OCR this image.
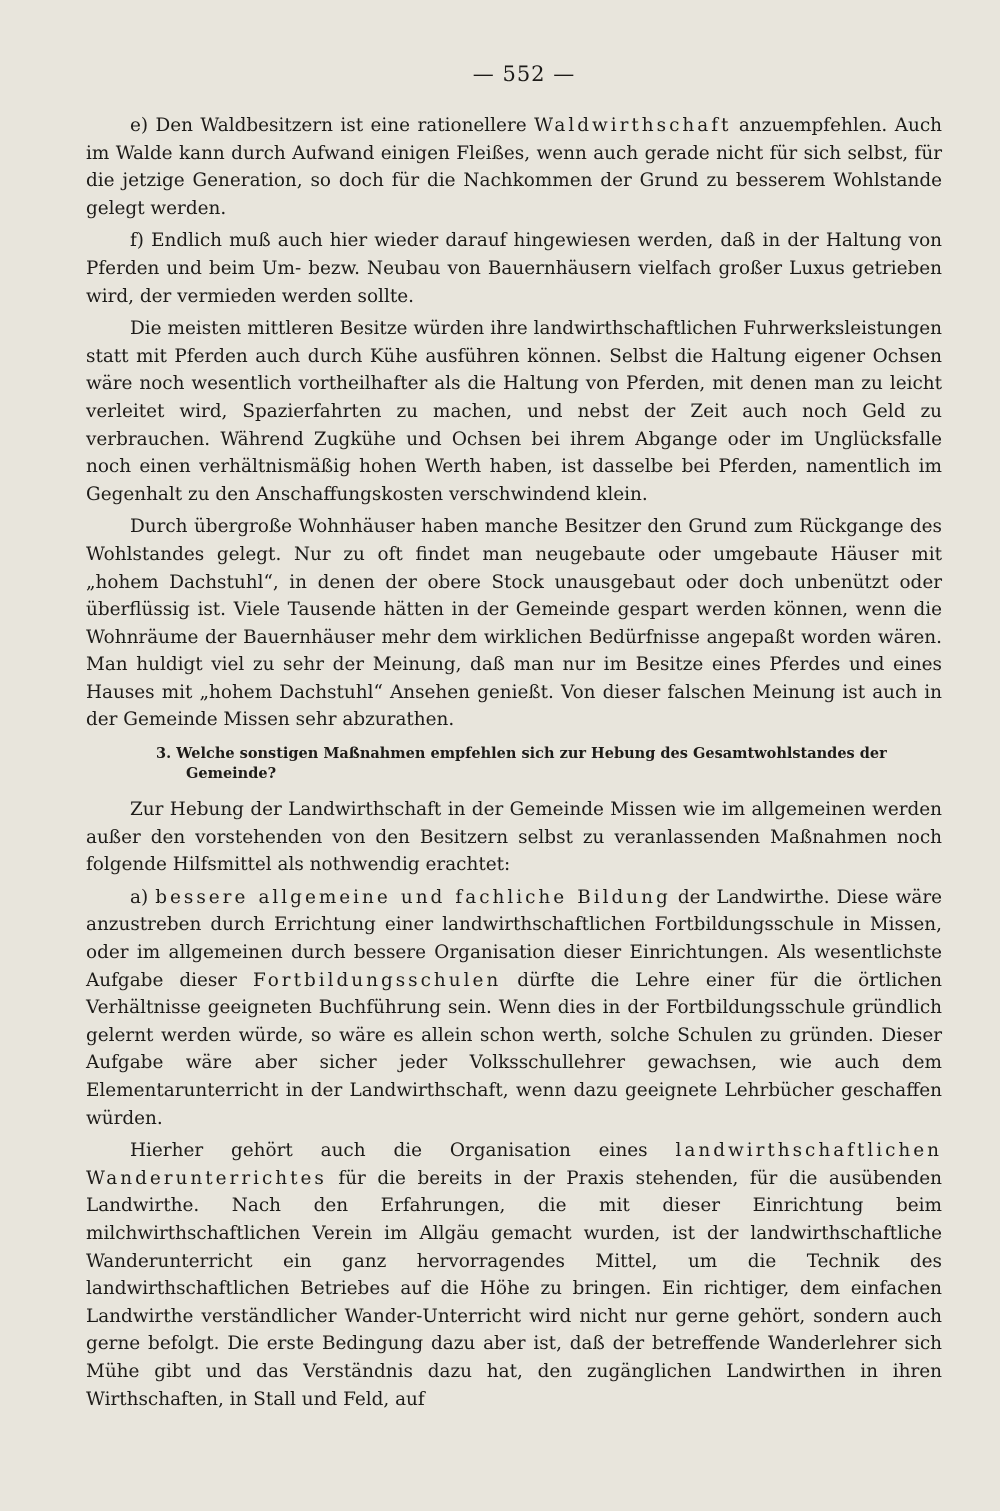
— 552 —

e) Den Waldbesitzern ist eine rationellere Waldwirthschaft anzuempfehlen. Auch im Walde kann durch Aufwand einigen Fleißes, wenn auch gerade nicht für sich selbst, für die jetzige Generation, so doch für die Nachkommen der Grund zu besserem Wohlstande gelegt werden.

f) Endlich muß auch hier wieder darauf hingewiesen werden, daß in der Haltung von Pferden und beim Um- bezw. Neubau von Bauernhäusern vielfach großer Luxus getrieben wird, der vermieden werden sollte.

Die meisten mittleren Besitze würden ihre landwirthschaftlichen Fuhrwerksleistungen statt mit Pferden auch durch Kühe ausführen können. Selbst die Haltung eigener Ochsen wäre noch wesentlich vortheilhafter als die Haltung von Pferden, mit denen man zu leicht verleitet wird, Spazierfahrten zu machen, und nebst der Zeit auch noch Geld zu verbrauchen. Während Zugkühe und Ochsen bei ihrem Abgange oder im Unglücksfalle noch einen verhältnismäßig hohen Werth haben, ist dasselbe bei Pferden, namentlich im Gegenhalt zu den Anschaffungskosten verschwindend klein.

Durch übergroße Wohnhäuser haben manche Besitzer den Grund zum Rückgange des Wohlstandes gelegt. Nur zu oft findet man neugebaute oder umgebaute Häuser mit „hohem Dachstuhl“, in denen der obere Stock unausgebaut oder doch unbenützt oder überflüssig ist. Viele Tausende hätten in der Gemeinde gespart werden können, wenn die Wohnräume der Bauernhäuser mehr dem wirklichen Bedürfnisse angepaßt worden wären. Man huldigt viel zu sehr der Meinung, daß man nur im Besitze eines Pferdes und eines Hauses mit „hohem Dachstuhl“ Ansehen genießt. Von dieser falschen Meinung ist auch in der Gemeinde Missen sehr abzurathen.

3. Welche sonstigen Maßnahmen empfehlen sich zur Hebung des Gesamtwohlstandes der
Gemeinde?

Zur Hebung der Landwirthschaft in der Gemeinde Missen wie im allgemeinen werden außer den vorstehenden von den Besitzern selbst zu veranlassenden Maßnahmen noch folgende Hilfsmittel als nothwendig erachtet:

a) bessere allgemeine und fachliche Bildung der Landwirthe. Diese wäre anzustreben durch Errichtung einer landwirthschaftlichen Fortbildungsschule in Missen, oder im allgemeinen durch bessere Organisation dieser Einrichtungen. Als wesentlichste Aufgabe dieser Fortbildungsschulen dürfte die Lehre einer für die örtlichen Verhältnisse geeigneten Buchführung sein. Wenn dies in der Fortbildungsschule gründlich gelernt werden würde, so wäre es allein schon werth, solche Schulen zu gründen. Dieser Aufgabe wäre aber sicher jeder Volksschullehrer gewachsen, wie auch dem Elementarunterricht in der Landwirthschaft, wenn dazu geeignete Lehrbücher geschaffen würden.

Hierher gehört auch die Organisation eines landwirthschaftlichen Wanderunterrichtes für die bereits in der Praxis stehenden, für die ausübenden Landwirthe. Nach den Erfahrungen, die mit dieser Einrichtung beim milchwirthschaftlichen Verein im Allgäu gemacht wurden, ist der landwirthschaftliche Wanderunterricht ein ganz hervorragendes Mittel, um die Technik des landwirthschaftlichen Betriebes auf die Höhe zu bringen. Ein richtiger, dem einfachen Landwirthe verständlicher Wander-Unterricht wird nicht nur gerne gehört, sondern auch gerne befolgt. Die erste Bedingung dazu aber ist, daß der betreffende Wanderlehrer sich Mühe gibt und das Verständnis dazu hat, den zugänglichen Landwirthen in ihren Wirthschaften, in Stall und Feld, auf
